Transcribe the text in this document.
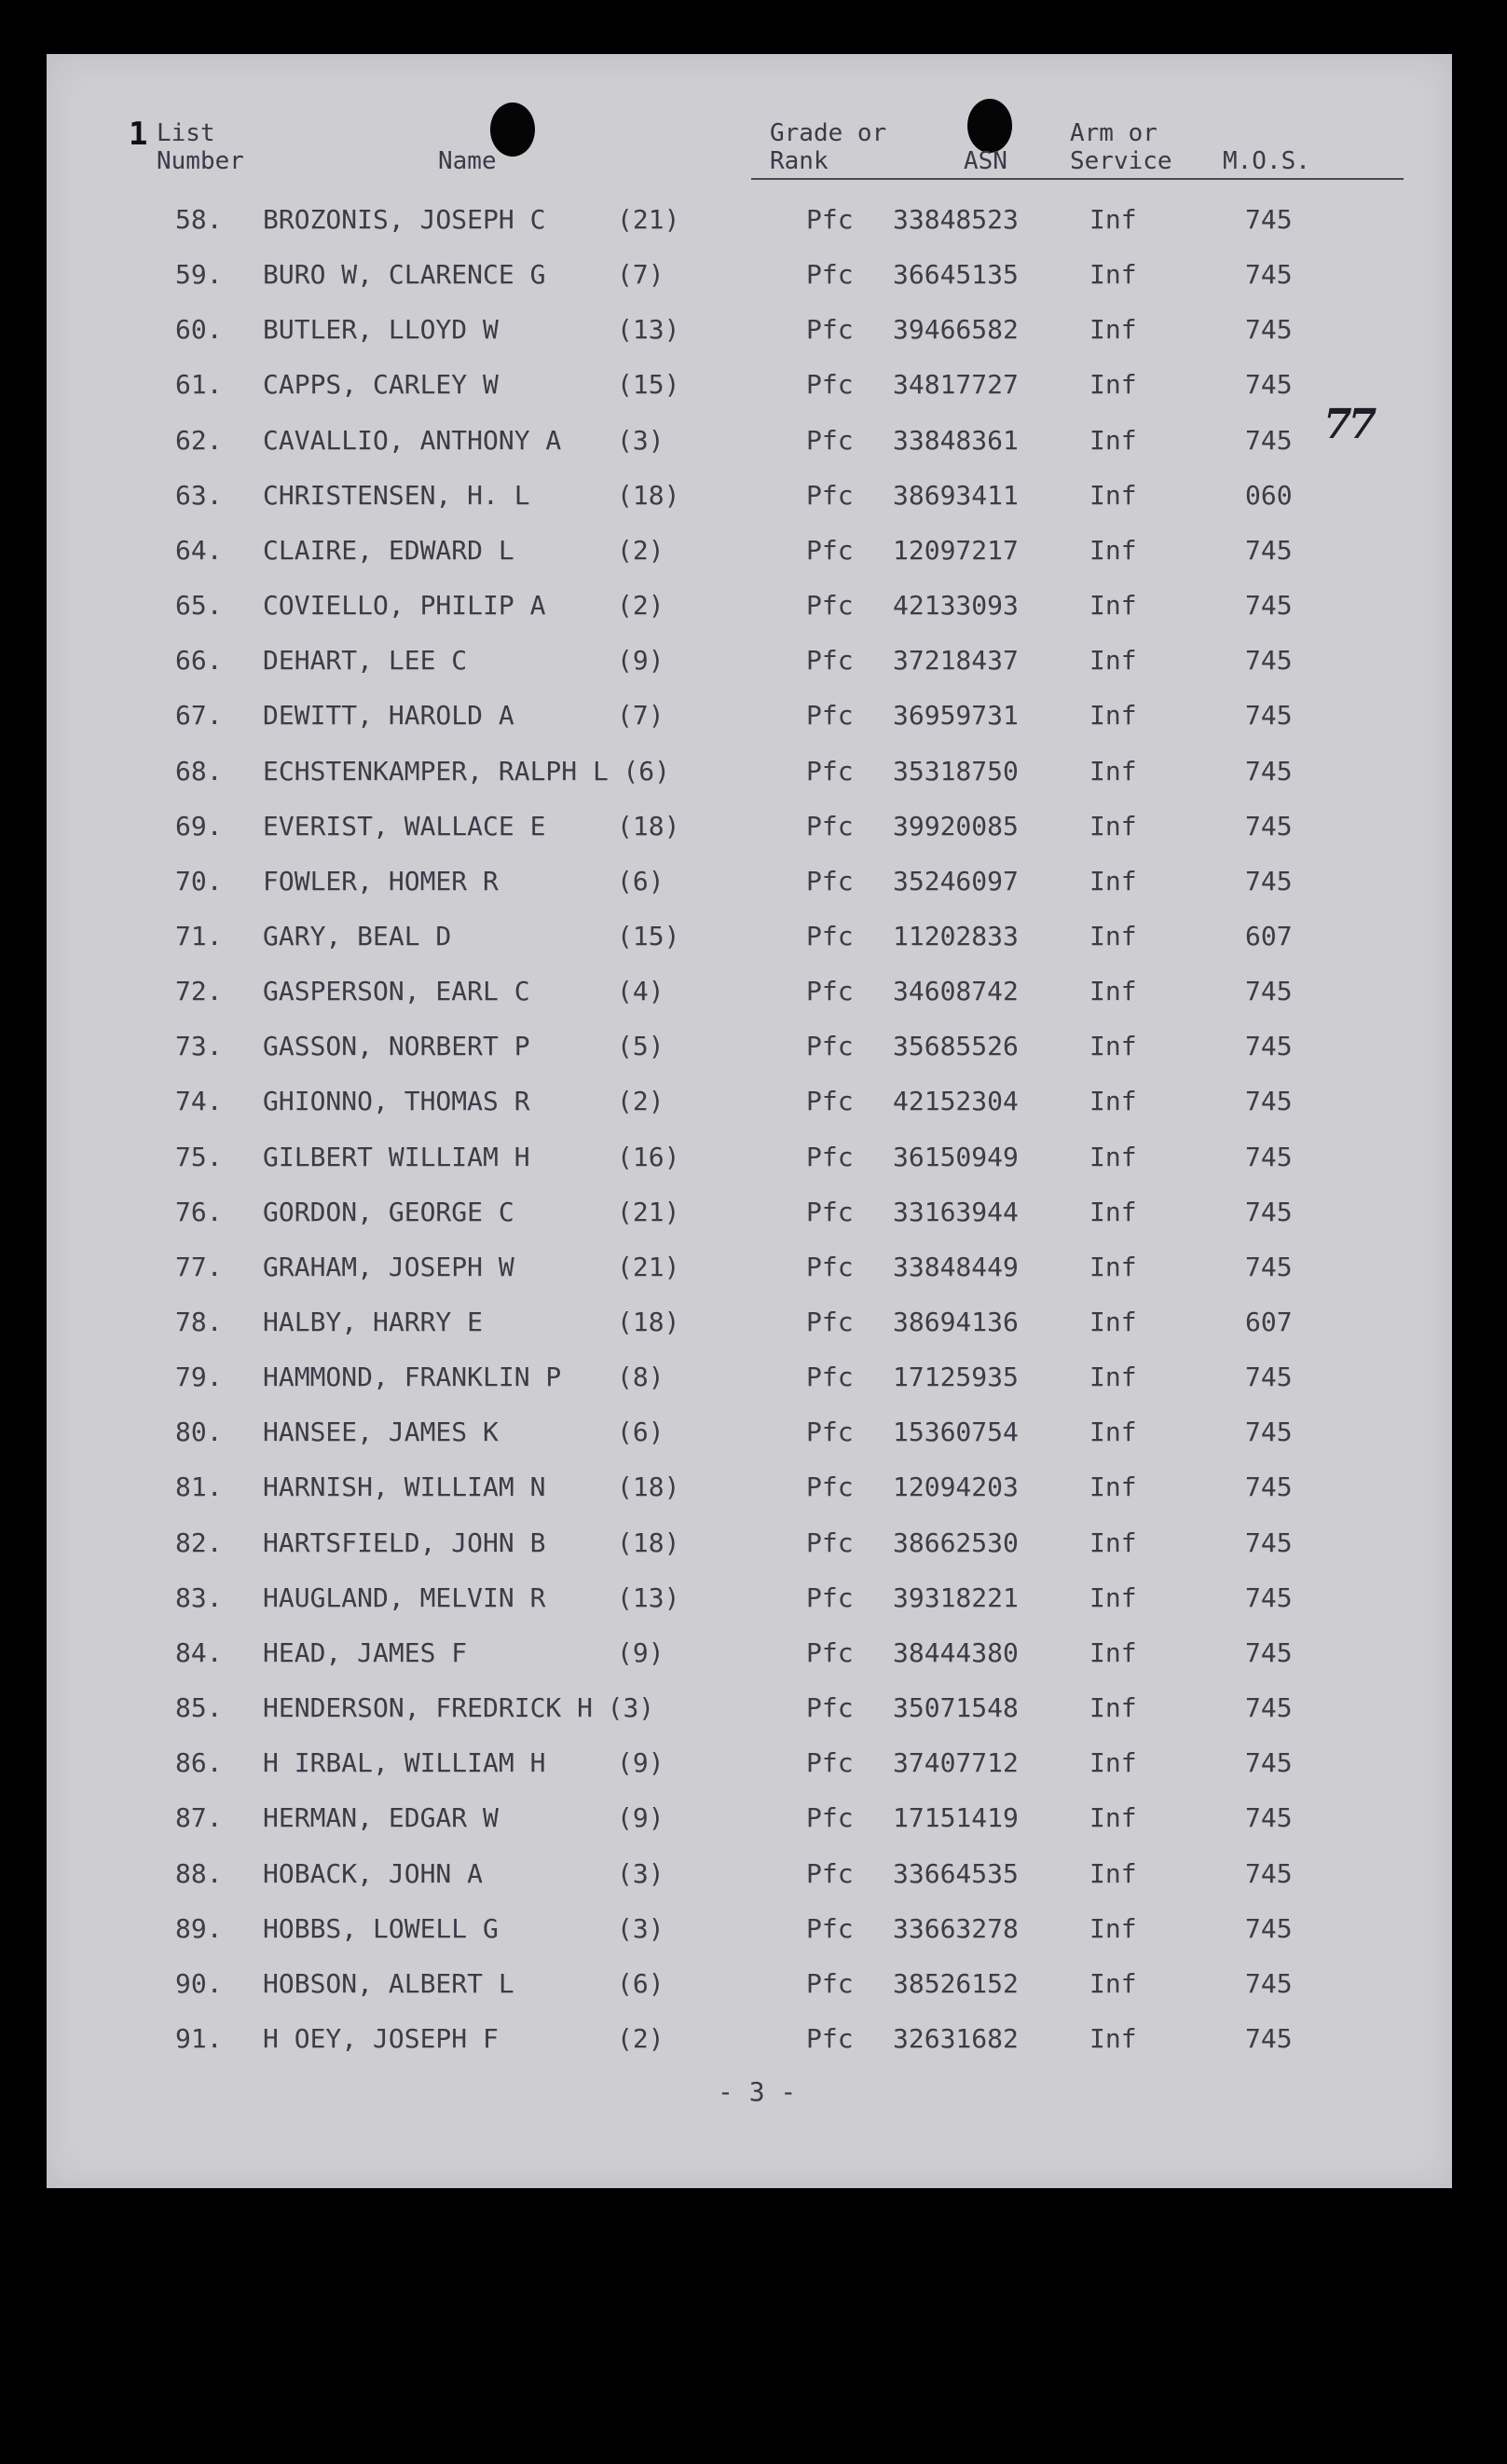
1 List
Number	Name
Grade or
Rank	ASN
Arm or
Service M.O.S.
58. BROZONIS, JOSEPH C	(21)	Pfc 33848523	Inf	745
59. BURO W, CLARENCE G	(7)	Pfc 36645135	Inf	745
60. BUTLER, LLOYD W	(13)	Pfc 39466582	Inf	745
61. CAPPS, CARLEY W	(15)	Pfc 34817727	Inf	745
62. CAVALLIO, ANTHONY A (3)	Pfc 33848361	Inf	745
63. CHRISTENSEN, H. L	(18)	Pfc 38693411	Inf	060
64. CLAIRE, EDWARD L	(2)	Pfc 12097217	Inf	745
65. COVIELLO, PHILIP A	(2)	Pfc 42133093	Inf	745
66. DEHART, LEE C	(9)	Pfc 37218437	Inf	745
67. DEWITT, HAROLD A	(7)	Pfc 36959731	Inf	745
68. ECHSTENKAMPER, RALPH L (6)	Pfc 35318750	Inf	745
69. EVERIST, WALLACE E	(18)	Pfc 39920085	Inf	745
70. FOWLER, HOMER R	(6)	Pfc 35246097	Inf	745
71. GARY, BEAL D	(15)	Pfc 11202833	Inf	607
72. GASPERSON, EARL C	(4)	Pfc 34608742	Inf	745
73. GASSON, NORBERT P	(5)	Pfc 35685526	Inf	745
74. GHIONNO, THOMAS R	(2)	Pfc 42152304	Inf	745
75. GILBERT WILLIAM H	(16)	Pfc 36150949	Inf	745
76. GORDON, GEORGE C	(21)	Pfc 33163944	Inf	745
77. GRAHAM, JOSEPH W	(21)	Pfc 33848449	Inf	745
78. HALBY, HARRY E	(18)	Pfc 38694136	Inf	607
79. HAMMOND, FRANKLIN P (8)	Pfc 17125935	Inf	745
80. HANSEE, JAMES K	(6)	Pfc 15360754	Inf	745
81. HARNISH, WILLIAM N	(18)	Pfc 12094203	Inf	745
82. HARTSFIELD, JOHN B	(18)	Pfc 38662530	Inf	745
83. HAUGLAND, MELVIN R	(13)	Pfc 39318221	Inf	745
84. HEAD, JAMES F	(9)	Pfc 38444380	Inf	745
85. HENDERSON, FREDRICK H (3)	Pfc 35071548	Inf	745
86. H IRBAL, WILLIAM H	(9)	Pfc 37407712	Inf	745
87. HERMAN, EDGAR W	(9)	Pfc 17151419	Inf	745
88. HOBACK, JOHN A	(3)	Pfc 33664535	Inf	745
89. HOBBS, LOWELL G	(3)	Pfc 33663278	Inf	745
90. HOBSON, ALBERT L	(6)	Pfc 38526152	Inf	745
91. H OEY, JOSEPH F	(2)	Pfc 32631682	Inf	745
77
- 3 -
